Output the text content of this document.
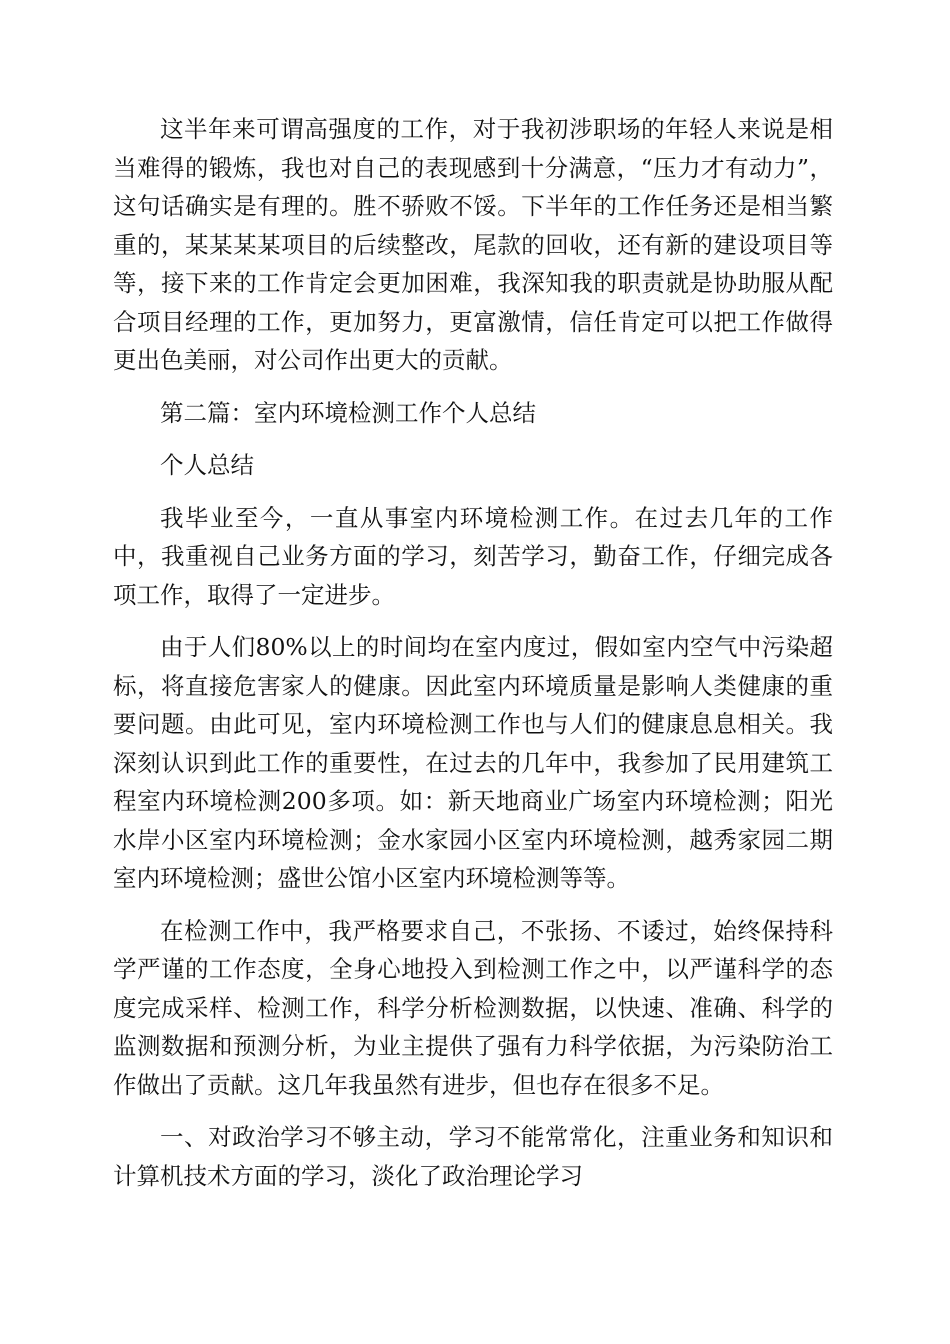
这半年来可谓高强度的工作，对于我初涉职场的年轻人来说是相当难得的锻炼，我也对自己的表现感到十分满意，“压力才有动力”，这句话确实是有理的。胜不骄败不馁。下半年的工作任务还是相当繁重的，某某某某项目的后续整改，尾款的回收，还有新的建设项目等等，接下来的工作肯定会更加困难，我深知我的职责就是协助服从配合项目经理的工作，更加努力，更富激情，信任肯定可以把工作做得更出色美丽，对公司作出更大的贡献。

第二篇：室内环境检测工作个人总结

个人总结

我毕业至今，一直从事室内环境检测工作。在过去几年的工作中，我重视自己业务方面的学习，刻苦学习，勤奋工作，仔细完成各项工作，取得了一定进步。

由于人们80%以上的时间均在室内度过，假如室内空气中污染超标，将直接危害家人的健康。因此室内环境质量是影响人类健康的重要问题。由此可见，室内环境检测工作也与人们的健康息息相关。我深刻认识到此工作的重要性，在过去的几年中，我参加了民用建筑工程室内环境检测200多项。如：新天地商业广场室内环境检测；阳光水岸小区室内环境检测；金水家园小区室内环境检测，越秀家园二期室内环境检测；盛世公馆小区室内环境检测等等。

在检测工作中，我严格要求自己，不张扬、不诿过，始终保持科学严谨的工作态度，全身心地投入到检测工作之中，以严谨科学的态度完成采样、检测工作，科学分析检测数据，以快速、准确、科学的监测数据和预测分析，为业主提供了强有力科学依据，为污染防治工作做出了贡献。这几年我虽然有进步，但也存在很多不足。

一、对政治学习不够主动，学习不能常常化，注重业务和知识和计算机技术方面的学习，淡化了政治理论学习
